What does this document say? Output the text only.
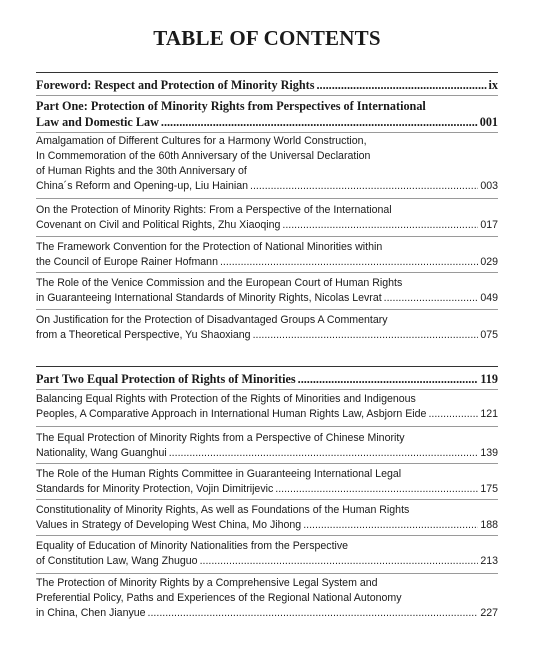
TABLE OF CONTENTS
Foreword: Respect and Protection of Minority Rights .....	ix
Part One: Protection of Minority Rights from Perspectives of International
Law and Domestic Law .....	001
Amalgamation of Different Cultures for a Harmony World Construction,
In Commemoration of the 60th Anniversary of the Universal Declaration
of Human Rights and the 30th Anniversary of
China´s Reform and Opening-up, Liu Hainian .....	003
On the Protection of Minority Rights: From a Perspective of the International
Covenant on Civil and Political Rights, Zhu Xiaoqing .....	017
The Framework Convention for the Protection of National Minorities within
the Council of Europe Rainer Hofmann .....	029
The Role of the Venice Commission and the European Court of Human Rights
in Guaranteeing International Standards of Minority Rights, Nicolas Levrat .....	049
On Justification for the Protection of Disadvantaged Groups A Commentary
from a Theoretical Perspective, Yu Shaoxiang .....	075
Part Two Equal Protection of Rights of Minorities .....	119
Balancing Equal Rights with Protection of the Rights of Minorities and Indigenous
Peoples, A Comparative Approach in International Human Rights Law, Asbjorn Eide .....	121
The Equal Protection of Minority Rights from a Perspective of Chinese Minority
Nationality, Wang Guanghui .....	139
The Role of the Human Rights Committee in Guaranteeing International Legal
Standards for Minority Protection, Vojin Dimitrijevic .....	175
Constitutionality of Minority Rights, As well as Foundations of the Human Rights
Values in Strategy of Developing West China, Mo Jihong .....	188
Equality of Education of Minority Nationalities from the Perspective
of Constitution Law, Wang Zhuguo .....	213
The Protection of Minority Rights by a Comprehensive Legal System and
Preferential Policy, Paths and Experiences of the Regional National Autonomy
in China, Chen Jianyue .....	227
